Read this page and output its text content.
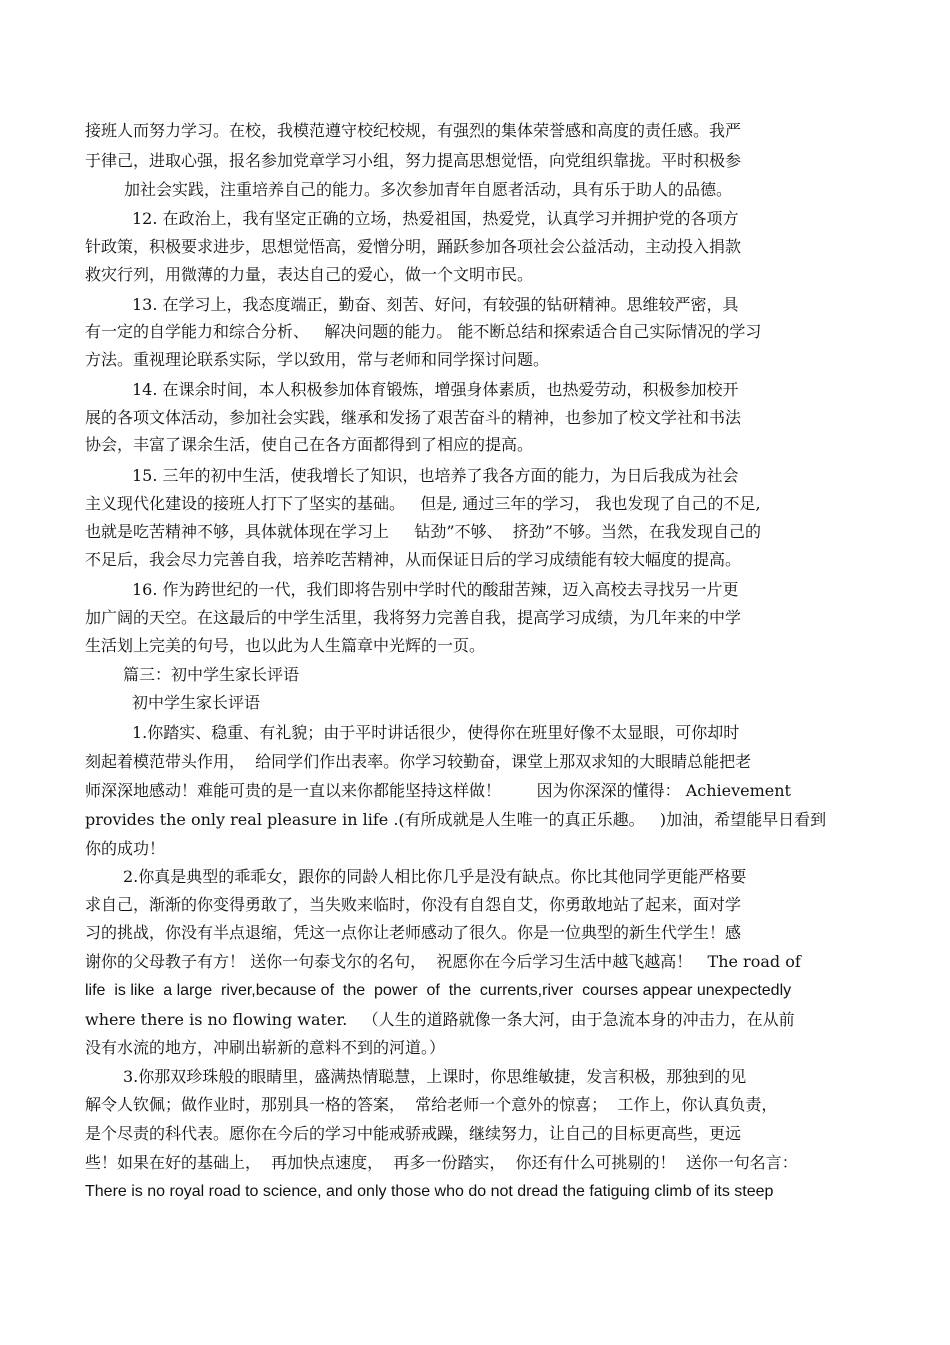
接班人而努力学习。在校，我模范遵守校纪校规，有强烈的集体荣誉感和高度的责任感。我严
于律己，进取心强，报名参加党章学习小组，努力提高思想觉悟，向党组织靠拢。平时积极参
加社会实践，注重培养自己的能力。多次参加青年自愿者活动，具有乐于助人的品德。
12. 在政治上，我有坚定正确的立场，热爱祖国，热爱党，认真学习并拥护党的各项方
针政策，积极要求进步，思想觉悟高，爱憎分明，踊跃参加各项社会公益活动，主动投入捐款
救灾行列，用微薄的力量，表达自己的爱心，做一个文明市民。
13. 在学习上，我态度端正，勤奋、刻苦、好问，有较强的钻研精神。思维较严密，具
有一定的自学能力和综合分析、   解决问题的能力。 能不断总结和探索适合自己实际情况的学习
方法。重视理论联系实际，学以致用，常与老师和同学探讨问题。
14. 在课余时间，本人积极参加体育锻炼，增强身体素质，也热爱劳动，积极参加校开
展的各项文体活动，参加社会实践，继承和发扬了艰苦奋斗的精神，也参加了校文学社和书法
协会，丰富了课余生活，使自己在各方面都得到了相应的提高。
15. 三年的初中生活，使我增长了知识，也培养了我各方面的能力，为日后我成为社会
主义现代化建设的接班人打下了坚实的基础。   但是, 通过三年的学习， 我也发现了自己的不足,
也就是吃苦精神不够，具体就体现在学习上     钻劲”不够、  挤劲”不够。当然，在我发现自己的
不足后，我会尽力完善自我，培养吃苦精神，从而保证日后的学习成绩能有较大幅度的提高。
16. 作为跨世纪的一代，我们即将告别中学时代的酸甜苦辣，迈入高校去寻找另一片更
加广阔的天空。在这最后的中学生活里，我将努力完善自我，提高学习成绩，为几年来的中学
生活划上完美的句号，也以此为人生篇章中光辉的一页。
篇三：初中学生家长评语
初中学生家长评语
1.你踏实、稳重、有礼貌；由于平时讲话很少，使得你在班里好像不太显眼，可你却时
刻起着模范带头作用，  给同学们作出表率。你学习较勤奋，课堂上那双求知的大眼睛总能把老
师深深地感动！难能可贵的是一直以来你都能坚持这样做！       因为你深深的懂得： Achievement
provides the only real pleasure in life .(有所成就是人生唯一的真正乐趣。   )加油，希望能早日看到
你的成功！
2.你真是典型的乖乖女，跟你的同龄人相比你几乎是没有缺点。你比其他同学更能严格要
求自己，渐渐的你变得勇敢了，当失败来临时，你没有自怨自艾，你勇敢地站了起来，面对学
习的挑战，你没有半点退缩，凭这一点你让老师感动了很久。你是一位典型的新生代学生！感
谢你的父母教子有方！ 送你一句泰戈尔的名句，  祝愿你在今后学习生活中越飞越高！   The road of
life  is like  a large  river,because of  the  power  of  the  currents,river  courses appear unexpectedly
where there is no flowing water.   （人生的道路就像一条大河，由于急流本身的冲击力，在从前
没有水流的地方，冲刷出崭新的意料不到的河道。）
3.你那双珍珠般的眼睛里，盛满热情聪慧，上课时，你思维敏捷，发言积极，那独到的见
解令人钦佩；做作业时，那别具一格的答案，  常给老师一个意外的惊喜；  工作上，你认真负责，
是个尽责的科代表。愿你在今后的学习中能戒骄戒躁，继续努力，让自己的目标更高些，更远
些！如果在好的基础上，  再加快点速度，  再多一份踏实，  你还有什么可挑剔的！  送你一句名言：
There is no royal road to science, and only those who do not dread the fatiguing climb of its steep
